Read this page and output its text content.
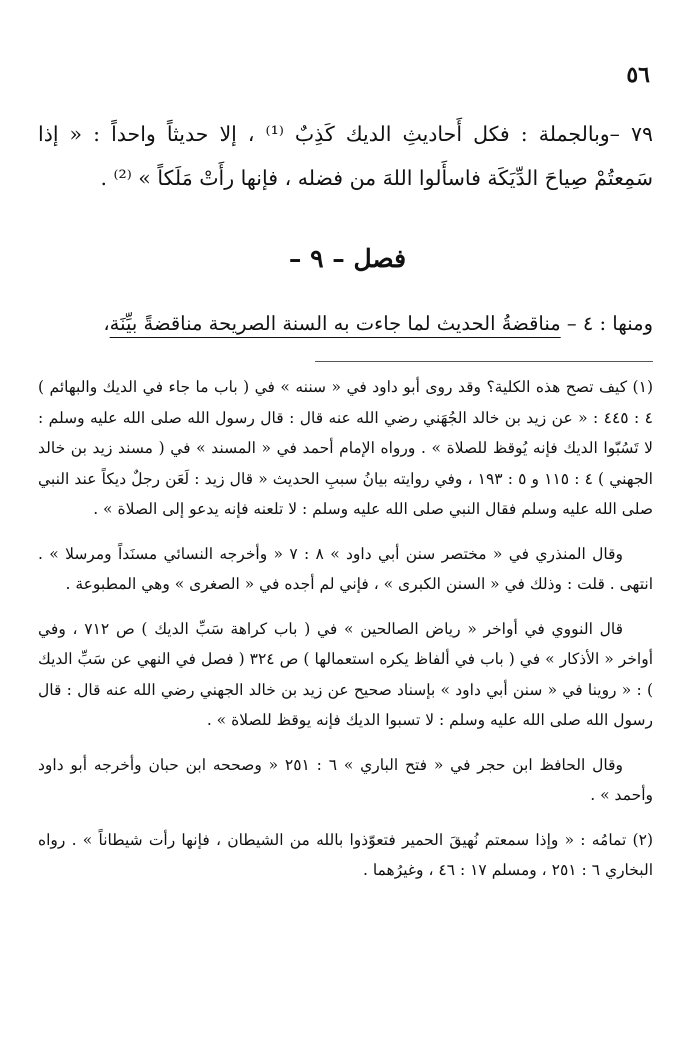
٥٦

٧٩ –وبالجملة : فكل أَحاديثِ الديك كَذِبٌ ⁽¹⁾ ، إلا حديثاً واحداً : « إذا سَمِعتُمْ صِياحَ الدِّيَكَة فاسأَلوا اللهَ من فضله ، فإنها رأَتْ مَلَكاً » ⁽²⁾ .

فصل – ٩ –
ومنها : ٤ – مناقضةُ الحديث لما جاءت به السنة الصريحة مناقضةً بيِّنَة،

(١) كيف تصح هذه الكلية؟ وقد روى أبو داود في « سننه » في ( باب ما جاء في الديك والبهائم ) ٤ : ٤٤٥ : « عن زيد بن خالد الجُهَني رضي الله عنه قال : قال رسول الله صلى الله عليه وسلم : لا تَسُبّوا الديك فإنه يُوقظ للصلاة » . ورواه الإمام أحمد في « المسند » في ( مسند زيد بن خالد الجهني ) ٤ : ١١٥ و ٥ : ١٩٣ ، وفي روايته بيانُ سببِ الحديث « قال زيد : لَعَن رجلٌ ديكاً عند النبي صلى الله عليه وسلم فقال النبي صلى الله عليه وسلم : لا تلعنه فإنه يدعو إلى الصلاة » .

وقال المنذري في « مختصر سنن أبي داود » ٨ : ٧ « وأخرجه النسائي مسنَداً ومرسلا » . انتهى . قلت : وذلك في « السنن الكبرى » ، فإني لم أجده في « الصغرى » وهي المطبوعة .

قال النووي في أواخر « رياض الصالحين » في ( باب كراهة سَبِّ الديك ) ص ٧١٢ ، وفي أواخر « الأذكار » في ( باب في ألفاظ يكره استعمالها ) ص ٣٢٤ ( فصل في النهي عن سَبِّ الديك ) : « روينا في « سنن أبي داود » بإسناد صحيح عن زيد بن خالد الجهني رضي الله عنه قال : قال رسول الله صلى الله عليه وسلم : لا تسبوا الديك فإنه يوقظ للصلاة » .

وقال الحافظ ابن حجر في « فتح الباري » ٦ : ٢٥١ « وصححه ابن حبان وأخرجه أبو داود وأحمد » .

(٢) تمامُه : « وإذا سمعتم نُهيقَ الحمير فتعوّذوا بالله من الشيطان ، فإنها رأت شيطاناً » . رواه البخاري ٦ : ٢٥١ ، ومسلم ١٧ : ٤٦ ، وغيرُهما .
